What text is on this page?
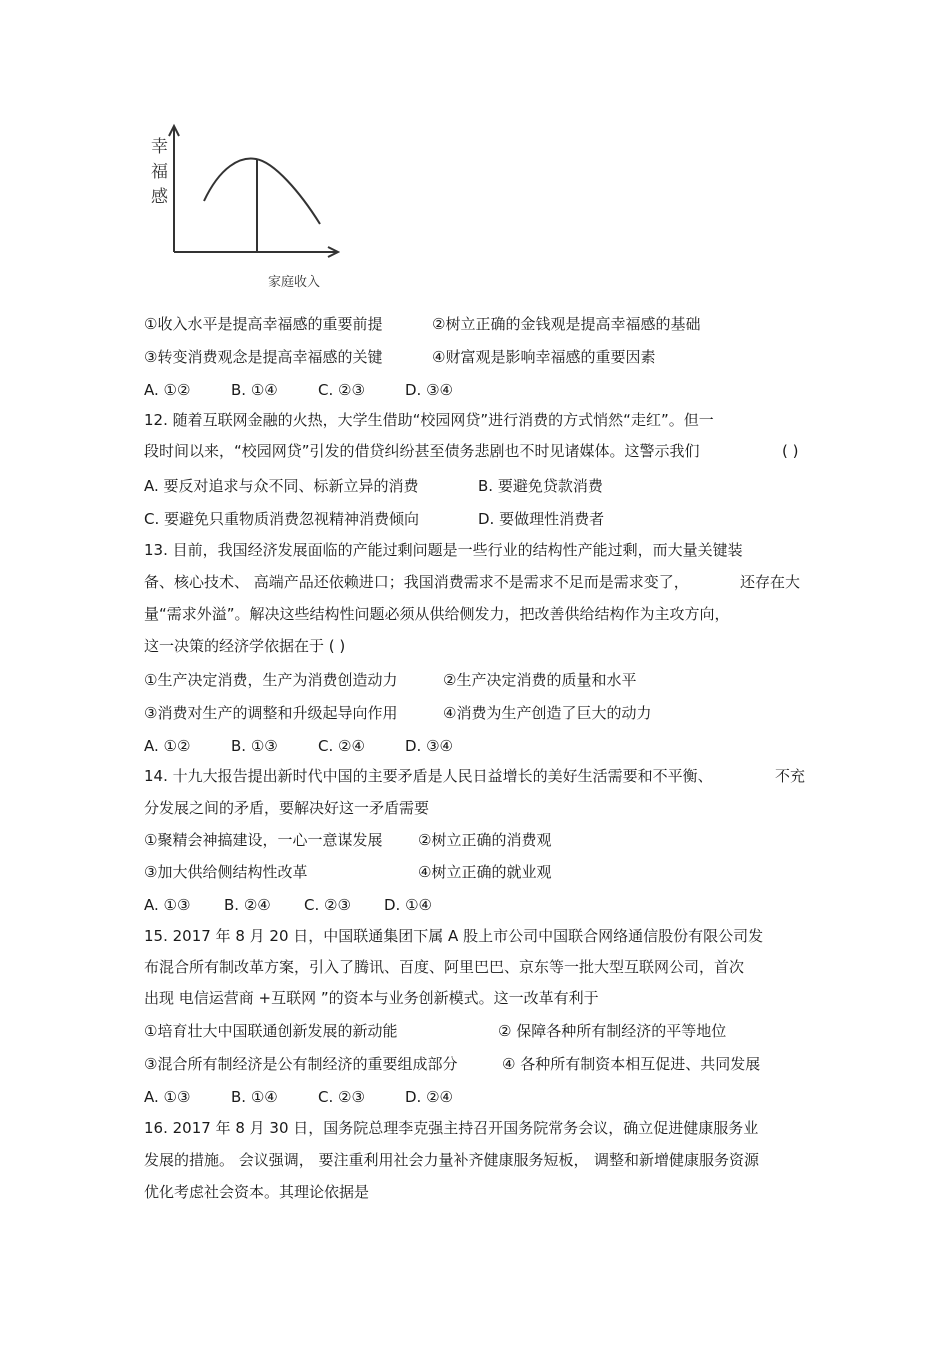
幸
福
感
家庭收入
①收入水平是提高幸福感的重要前提	②树立正确的金钱观是提高幸福感的基础
③转变消费观念是提高幸福感的关键	④财富观是影响幸福感的重要因素
A. ①②	B. ①④	C. ②③	D. ③④
12. 随着互联网金融的火热，大学生借助“校园网贷”进行消费的方式悄然“走红”。但一
段时间以来，“校园网贷”引发的借贷纠纷甚至债务悲剧也不时见诸媒体。这警示我们	( )
A. 要反对追求与众不同、标新立异的消费	B. 要避免贷款消费
C. 要避免只重物质消费忽视精神消费倾向	D. 要做理性消费者
13. 目前，我国经济发展面临的产能过剩问题是一些行业的结构性产能过剩，而大量关键装
备、核心技术、 高端产品还依赖进口；我国消费需求不是需求不足而是需求变了，	还存在大
量“需求外溢”。解决这些结构性问题必须从供给侧发力，把改善供给结构作为主攻方向，
这一决策的经济学依据在于 ( )
①生产决定消费，生产为消费创造动力	②生产决定消费的质量和水平
③消费对生产的调整和升级起导向作用	④消费为生产创造了巨大的动力
A. ①②	B. ①③	C. ②④	D. ③④
14. 十九大报告提出新时代中国的主要矛盾是人民日益增长的美好生活需要和不平衡、	不充
分发展之间的矛盾，要解决好这一矛盾需要
①聚精会神搞建设，一心一意谋发展 ②树立正确的消费观
③加大供给侧结构性改革	④树立正确的就业观
A. ①③ B. ②④ C. ②③ D. ①④
15. 2017 年 8 月 20 日，中国联通集团下属 A 股上市公司中国联合网络通信股份有限公司发
布混合所有制改革方案，引入了腾讯、百度、阿里巴巴、京东等一批大型互联网公司，首次
出现 电信运营商 +互联网 ”的资本与业务创新模式。这一改革有利于
①培育壮大中国联通创新发展的新动能	② 保障各种所有制经济的平等地位
③混合所有制经济是公有制经济的重要组成部分	④ 各种所有制资本相互促进、共同发展
A. ①③	B. ①④	C. ②③	D. ②④
16. 2017 年 8 月 30 日，国务院总理李克强主持召开国务院常务会议，确立促进健康服务业
发展的措施。 会议强调， 要注重利用社会力量补齐健康服务短板， 调整和新增健康服务资源
优化考虑社会资本。其理论依据是
